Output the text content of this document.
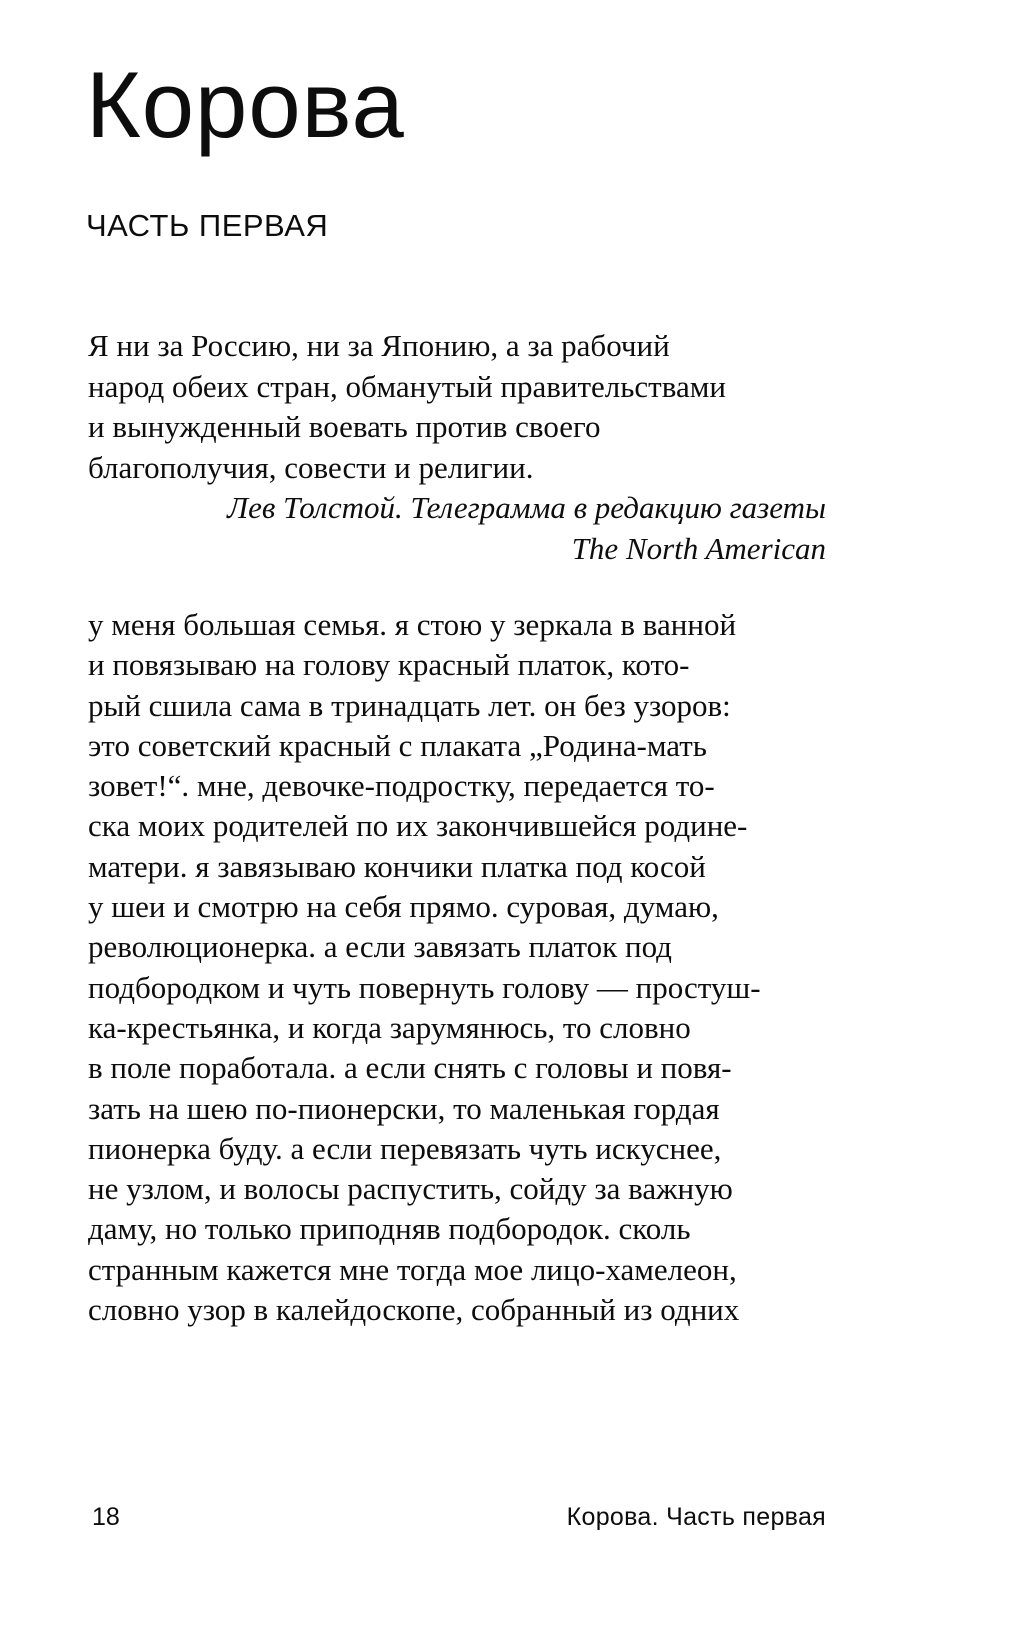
Корова
ЧАСТЬ ПЕРВАЯ
Я ни за Россию, ни за Японию, а за рабочий
народ обеих стран, обманутый правительствами
и вынужденный воевать против своего
благополучия, совести и религии.
Лев Толстой. Телеграмма в редакцию газеты
The North American
у меня большая семья. я стою у зеркала в ванной
и повязываю на голову красный платок, кото-
рый сшила сама в тринадцать лет. он без узоров:
это советский красный с плаката „Родина-мать
зовет!“. мне, девочке-подростку, передается то-
ска моих родителей по их закончившейся родине-
матери. я завязываю кончики платка под косой
у шеи и смотрю на себя прямо. суровая, думаю,
революционерка. а если завязать платок под
подбородком и чуть повернуть голову — простуш-
ка-крестьянка, и когда зарумянюсь, то словно
в поле поработала. а если снять с головы и повя-
зать на шею по-пионерски, то маленькая гордая
пионерка буду. а если перевязать чуть искуснее,
не узлом, и волосы распустить, сойду за важную
даму, но только приподняв подбородок. сколь
странным кажется мне тогда мое лицо-хамелеон,
словно узор в калейдоскопе, собранный из одних
18	Корова. Часть первая
